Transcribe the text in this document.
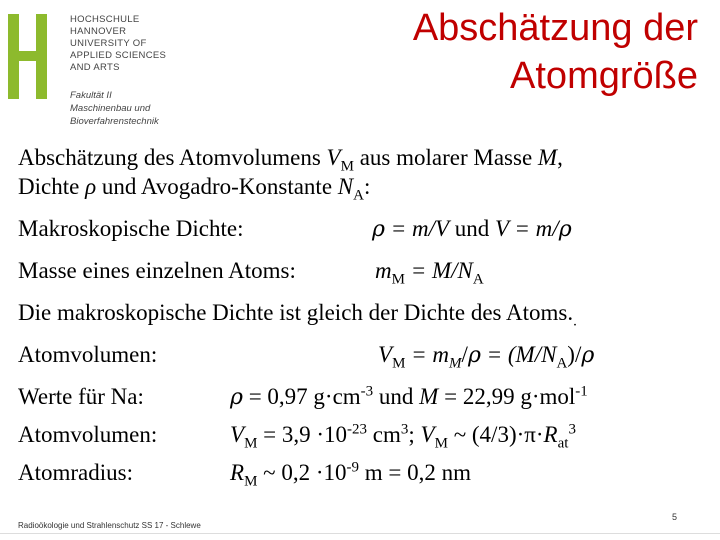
HOCHSCHULE
HANNOVER
UNIVERSITY OF
APPLIED SCIENCES
AND ARTS
Fakultät II
Maschinenbau und
Bioverfahrenstechnik
Abschätzung der
Atomgröße
Abschätzung des Atomvolumens $V_M$ aus molarer Masse M,
Dichte ρ und Avogadro-Konstante $N_A$:
Makroskopische Dichte:	ρ = m/V und V = m/ρ
Masse eines einzelnen Atoms:	$m_M = M/N_A$
Die makroskopische Dichte ist gleich der Dichte des $Atoms._.$
Atomvolumen:	$V_M = m_M/\rho = (M/N_A)/\rho$
Werte für Na:	ρ = 0,97 $g\cdot cm^{-3}$ und M = 22,99 g·mol$^{-1}$
Atomvolumen:	$V_M = 3,9 \cdot 10^{-23}$ $cm^3$; $V_M$ ~ $(4/3)\cdot\pi\cdot R_{at}^3$
Atomradius:	$R_M$ ~ $0,2 \cdot 10^{-9}$ m = 0,2 nm
Radioökologie und Strahlenschutz SS 17 - Schlewe
5
